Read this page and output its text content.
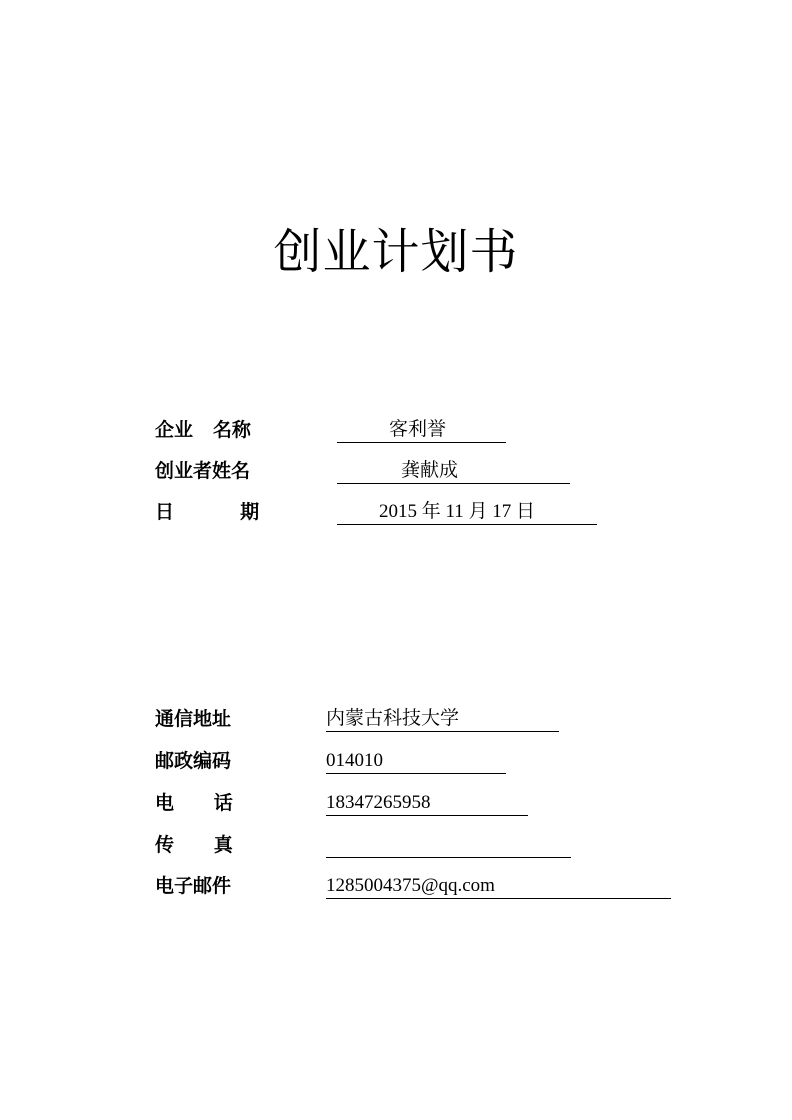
创业计划书
企业   名称	客利誉
创业者姓名	龚献成
日          期	2015 年 11 月 17 日
通信地址	内蒙古科技大学
邮政编码	014010
电      话	18347265958
传      真
电子邮件	1285004375@qq.com
